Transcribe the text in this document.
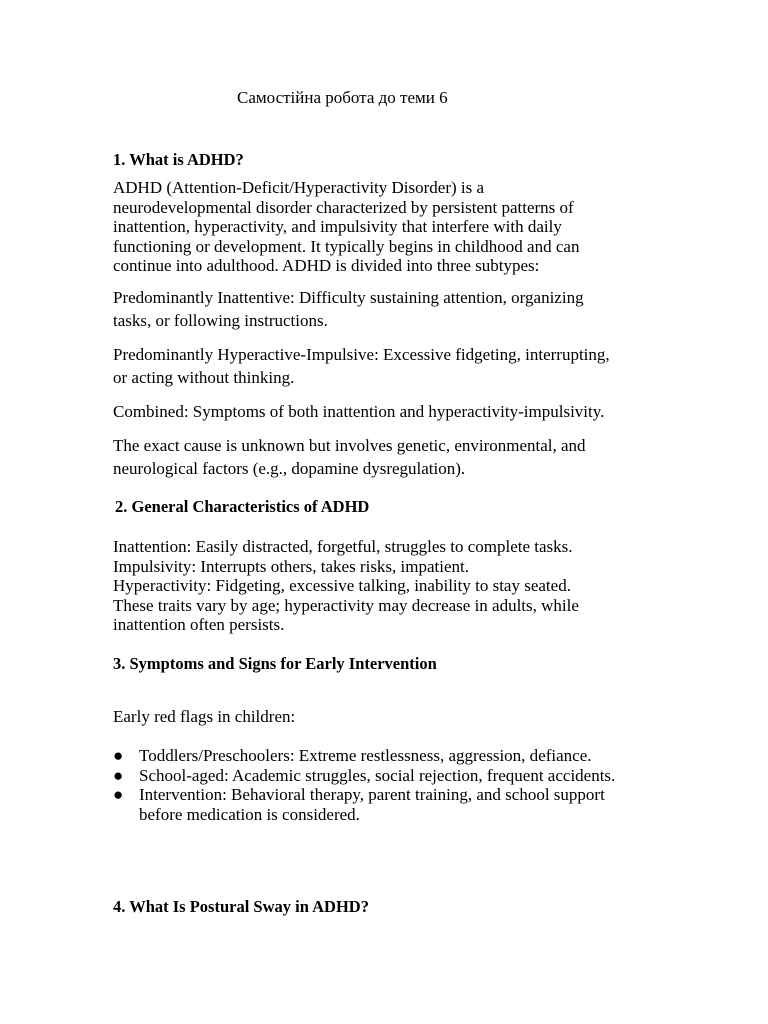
Самостійна робота до теми 6
1. What is ADHD?
ADHD (Attention-Deficit/Hyperactivity Disorder) is a
neurodevelopmental disorder characterized by persistent patterns of
inattention, hyperactivity, and impulsivity that interfere with daily
functioning or development. It typically begins in childhood and can
continue into adulthood. ADHD is divided into three subtypes:
Predominantly Inattentive: Difficulty sustaining attention, organizing
tasks, or following instructions.
Predominantly Hyperactive-Impulsive: Excessive fidgeting, interrupting,
or acting without thinking.
Combined: Symptoms of both inattention and hyperactivity-impulsivity.
The exact cause is unknown but involves genetic, environmental, and
neurological factors (e.g., dopamine dysregulation).
2. General Characteristics of ADHD
Inattention: Easily distracted, forgetful, struggles to complete tasks.
Impulsivity: Interrupts others, takes risks, impatient.
Hyperactivity: Fidgeting, excessive talking, inability to stay seated.
These traits vary by age; hyperactivity may decrease in adults, while
inattention often persists.
3. Symptoms and Signs for Early Intervention
Early red flags in children:
● Toddlers/Preschoolers: Extreme restlessness, aggression, defiance.
● School-aged: Academic struggles, social rejection, frequent accidents.
● Intervention: Behavioral therapy, parent training, and school support
before medication is considered.
4. What Is Postural Sway in ADHD?
